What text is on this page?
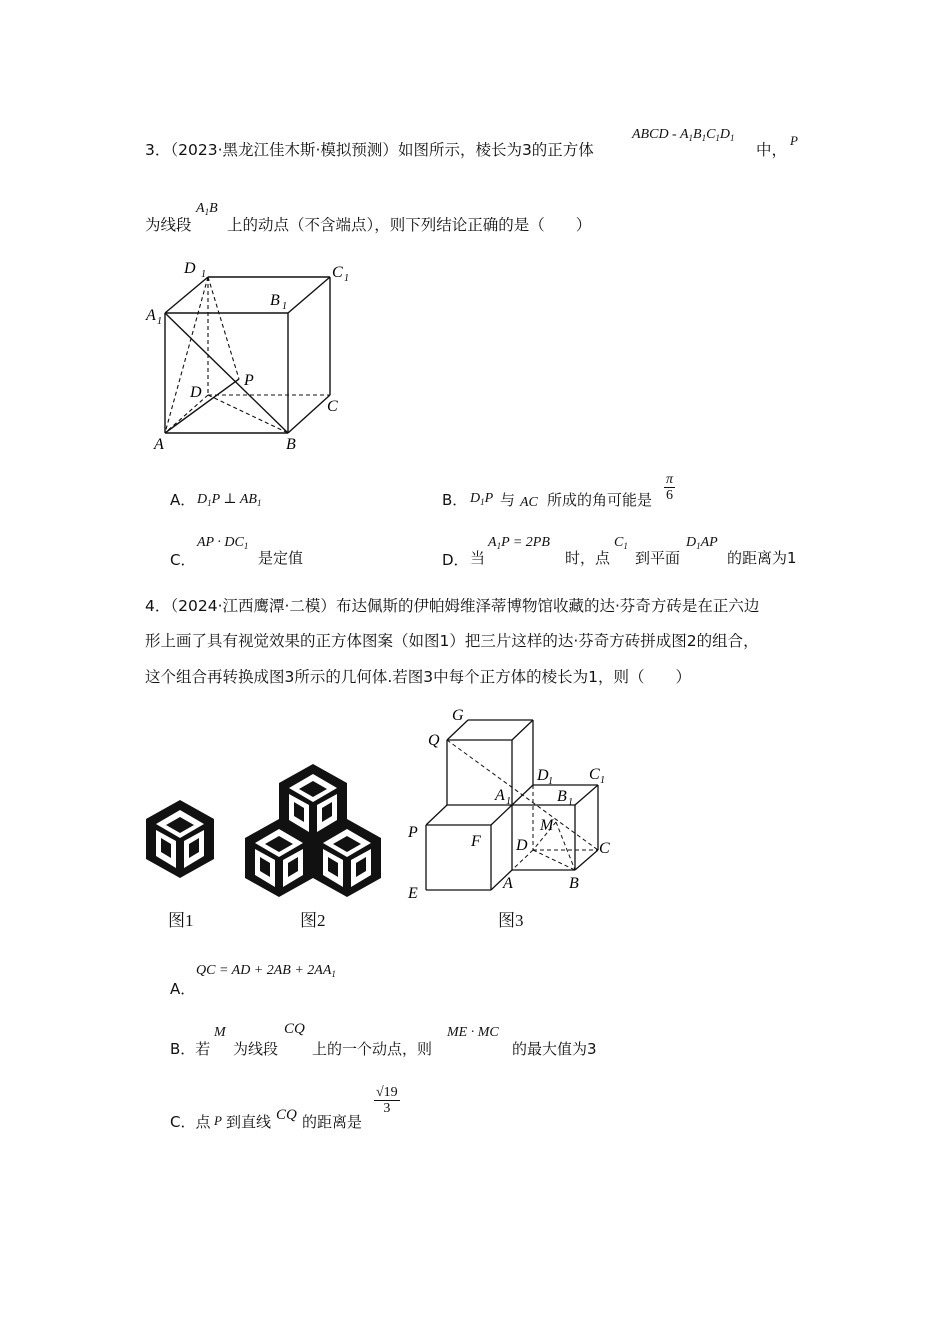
3．（2023·黑龙江佳木斯·模拟预测）如图所示，棱长为3的正方体
ABCD - $A_1B_1C_1D_1$
中，
P
为线段
$A_1B$
上的动点（不含端点），则下列结论正确的是（　　）
D 1	C 1
B 1
A 1
P
D
C
A	B
A． $D_1P$ ⊥ $AB_1$	B． $D_1P$ 与 AC 所成的角可能是 $\frac{\pi}{6}$
C．
AP · $DC_1$
是定值	D． 当
$A_1P = 2PB$
时，点
$C_1$
到平面
$D_1AP$
的距离为1
4．（2024·江西鹰潭·二模）布达佩斯的伊帕姆维泽蒂博物馆收藏的达·芬奇方砖是在正六边
形上画了具有视觉效果的正方体图案（如图1）把三片这样的达·芬奇方砖拼成图2的组合，
这个组合再转换成图3所示的几何体.若图3中每个正方体的棱长为1，则（　　）
G
Q
D 1 C 1
A 1	B 1
P
F
M
D	C
E
A	B
图1	图2	图3
A．
QC = AD + $2AB + 2AA_1$
B．若
M
为线段
CQ
上的一个动点，则
ME · MC
的最大值为3
C．点 P 到直线 CQ 的距离是
$\frac{√19}{3}$
